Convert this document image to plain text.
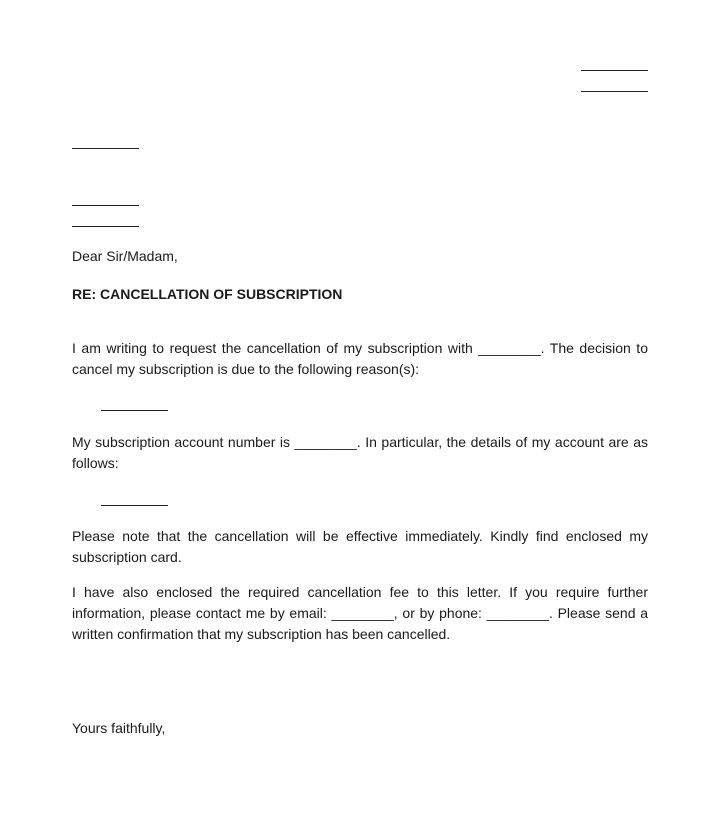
Dear Sir/Madam,
RE: CANCELLATION OF SUBSCRIPTION
I am writing to request the cancellation of my subscription with ________. The decision to cancel my subscription is due to the following reason(s):
My subscription account number is ________. In particular, the details of my account are as follows:
Please note that the cancellation will be effective immediately. Kindly find enclosed my subscription card.
I have also enclosed the required cancellation fee to this letter. If you require further information, please contact me by email: ________, or by phone: ________. Please send a written confirmation that my subscription has been cancelled.
Yours faithfully,
